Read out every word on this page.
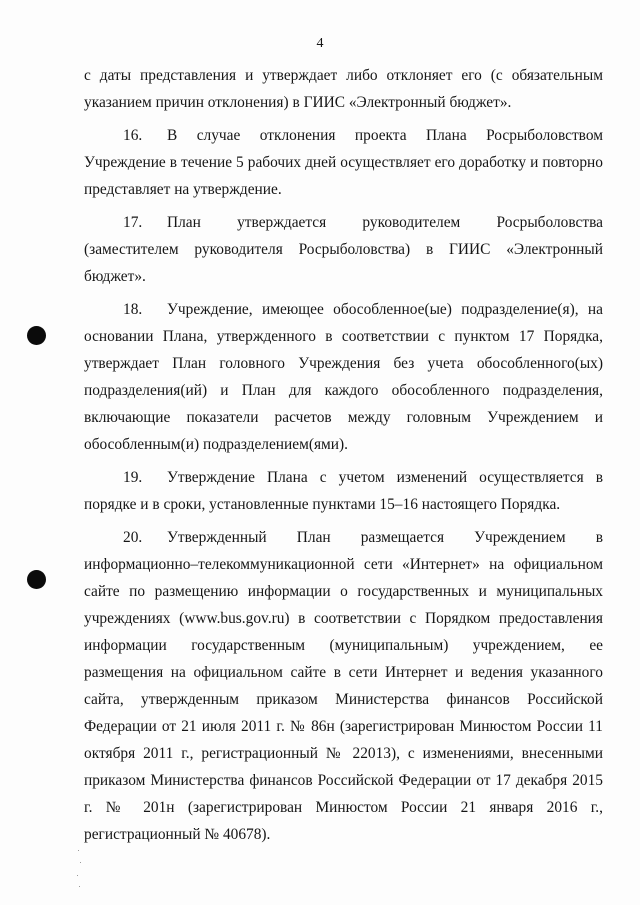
4

с даты представления и утверждает либо отклоняет его (с обязательным указанием причин отклонения) в ГИИС «Электронный бюджет».

16. В случае отклонения проекта Плана Росрыболовством Учреждение в течение 5 рабочих дней осуществляет его доработку и повторно представляет на утверждение.

17. План утверждается руководителем Росрыболовства (заместителем руководителя Росрыболовства) в ГИИС «Электронный бюджет».

18. Учреждение, имеющее обособленное(ые) подразделение(я), на основании Плана, утвержденного в соответствии с пунктом 17 Порядка, утверждает План головного Учреждения без учета обособленного(ых) подразделения(ий) и План для каждого обособленного подразделения, включающие показатели расчетов между головным Учреждением и обособленным(и) подразделением(ями).

19. Утверждение Плана с учетом изменений осуществляется в порядке и в сроки, установленные пунктами 15–16 настоящего Порядка.

20. Утвержденный План размещается Учреждением в информационно–телекоммуникационной сети «Интернет» на официальном сайте по размещению информации о государственных и муниципальных учреждениях (www.bus.gov.ru) в соответствии с Порядком предоставления информации государственным (муниципальным) учреждением, ее размещения на официальном сайте в сети Интернет и ведения указанного сайта, утвержденным приказом Министерства финансов Российской Федерации от 21 июля 2011 г. № 86н (зарегистрирован Минюстом России 11 октября 2011 г., регистрационный № 22013), с изменениями, внесенными приказом Министерства финансов Российской Федерации от 17 декабря 2015 г. № 201н (зарегистрирован Минюстом России 21 января 2016 г., регистрационный № 40678).
